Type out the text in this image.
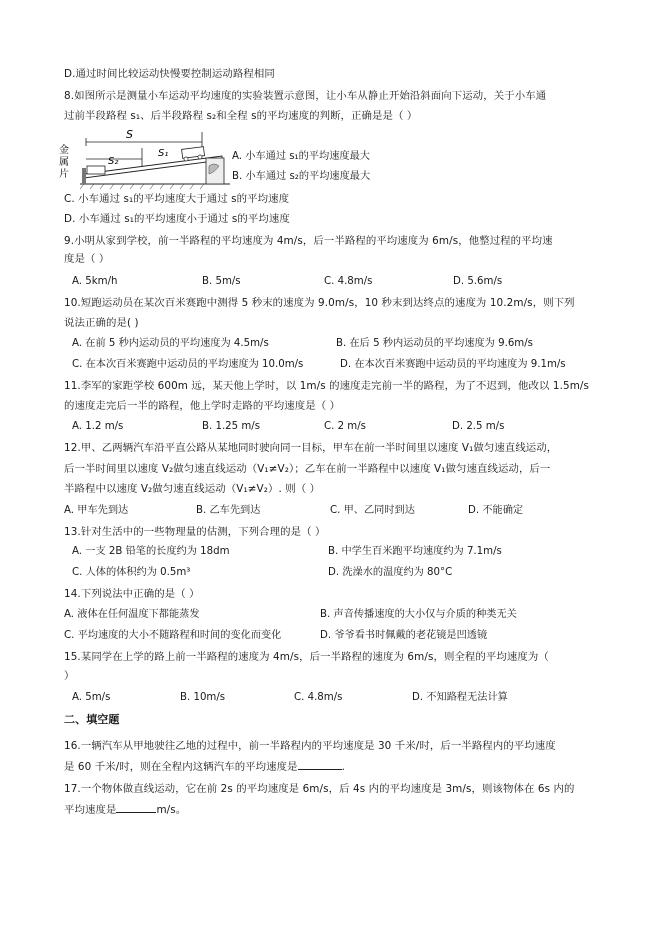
D.通过时间比较运动快慢要控制运动路程相同
8.如图所示是测量小车运动平均速度的实验装置示意图，让小车从静止开始沿斜面向下运动，关于小车通
过前半段路程 s₁、后半段路程 s₂和全程 s的平均速度的判断，正确是是（ ）
金属片
S
S₂
S₁	A. 小车通过 s₁的平均速度最大
B. 小车通过 s₂的平均速度最大
C. 小车通过 s₁的平均速度大于通过 s的平均速度
D. 小车通过 s₁的平均速度小于通过 s的平均速度
9.小明从家到学校，前一半路程的平均速度为 4m/s，后一半路程的平均速度为 6m/s，他整过程的平均速
度是（ ）
A. 5km/h	B. 5m/s	C. 4.8m/s	D. 5.6m/s
10.短跑运动员在某次百米赛跑中测得 5 秒末的速度为 9.0m/s，10 秒末到达终点的速度为 10.2m/s，则下列
说法正确的是( )
A. 在前 5 秒内运动员的平均速度为 4.5m/s	B. 在后 5 秒内运动员的平均速度为 9.6m/s
C. 在本次百米赛跑中运动员的平均速度为 10.0m/s	D. 在本次百米赛跑中运动员的平均速度为 9.1m/s
11.李军的家距学校 600m 远，某天他上学时，以 1m/s 的速度走完前一半的路程，为了不迟到，他改以 1.5m/s
的速度走完后一半的路程，他上学时走路的平均速度是（ ）
A. 1.2 m/s	B. 1.25 m/s	C. 2 m/s	D. 2.5 m/s
12.甲、乙两辆汽车沿平直公路从某地同时驶向同一目标，甲车在前一半时间里以速度 V₁做匀速直线运动，
后一半时间里以速度 V₂做匀速直线运动（V₁≠V₂）；乙车在前一半路程中以速度 V₁做匀速直线运动，后一
半路程中以速度 V₂做匀速直线运动（V₁≠V₂）. 则（ ）
A. 甲车先到达	B. 乙车先到达	C. 甲、乙同时到达	D. 不能确定
13.针对生活中的一些物理量的估测，下列合理的是（ ）
A. 一支 2B 铅笔的长度约为 18dm	B. 中学生百米跑平均速度约为 7.1m/s
C. 人体的体积约为 0.5m³	D. 洗澡水的温度约为 80°C
14.下列说法中正确的是（ ）
A. 液体在任何温度下都能蒸发	B. 声音传播速度的大小仅与介质的种类无关
C. 平均速度的大小不随路程和时间的变化而变化	D. 爷爷看书时佩戴的老花镜是凹透镜
15.某同学在上学的路上前一半路程的速度为 4m/s，后一半路程的速度为 6m/s，则全程的平均速度为（
）
A. 5m/s	B. 10m/s	C. 4.8m/s	D. 不知路程无法计算
二、填空题
16.一辆汽车从甲地驶往乙地的过程中，前一半路程内的平均速度是 30 千米/时，后一半路程内的平均速度
是 60 千米/时，则在全程内这辆汽车的平均速度是	.
17.一个物体做直线运动，它在前 2s 的平均速度是 6m/s，后 4s 内的平均速度是 3m/s，则该物体在 6s 内的
平均速度是	m/s。
